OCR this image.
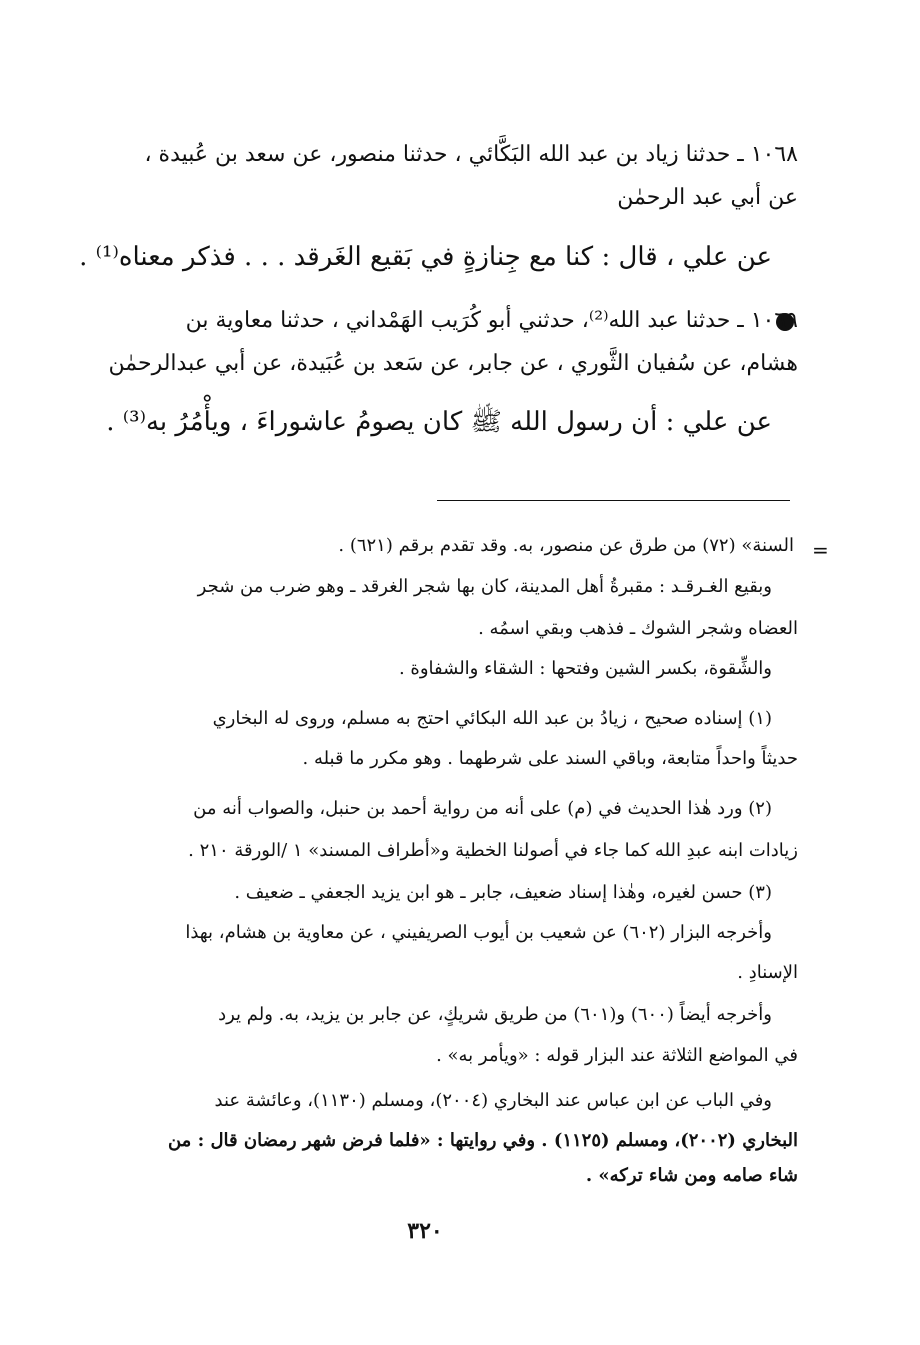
١٠٦٨ ـ حدثنا زياد بن عبد الله البَكَّائي ، حدثنا منصور، عن سعد بن عُبيدة ،
عن أبي عبد الرحمٰن
عن علي ، قال : كنا مع جِنازةٍ في بَقيع الغَرقد . . . فذكر معناه⁽¹⁾ .
١٠٦٩ ـ حدثنا عبد الله⁽²⁾، حدثني أبو كُرَيب الهَمْداني ، حدثنا معاوية بن
هشام، عن سُفيان الثَّوري ، عن جابر، عن سَعد بن عُبَيدة، عن أبي عبدالرحمٰن
عن علي : أن رسول الله ﷺ كان يصومُ عاشوراءَ ، ويأْمُرُ به⁽³⁾ .
=
السنة» (٧٢) من طرق عن منصور، به. وقد تقدم برقم (٦٢١) .
وبقيع الغـرقـد : مقبرةُ أهل المدينة، كان بها شجر الغرقد ـ وهو ضرب من شجر
العضاه وشجر الشوك ـ فذهب وبقي اسمُه .
والشِّقوة، بكسر الشين وفتحها : الشقاء والشفاوة .
(١) إسناده صحيح ، زيادُ بن عبد الله البكائي احتج به مسلم، وروى له البخاري
حديثاً واحداً متابعة، وباقي السند على شرطهما . وهو مكرر ما قبله .
(٢) ورد هٰذا الحديث في (م) على أنه من رواية أحمد بن حنبل، والصواب أنه من
زيادات ابنه عبدِ الله كما جاء في أصولنا الخطية و«أطراف المسند» ١ /الورقة ٢١٠ .
(٣) حسن لغيره، وهٰذا إسناد ضعيف، جابر ـ هو ابن يزيد الجعفي ـ ضعيف .
وأخرجه البزار (٦٠٢) عن شعيب بن أيوب الصريفيني ، عن معاوية بن هشام، بهذا
الإسنادِ .
وأخرجه أيضاً (٦٠٠) و(٦٠١) من طريق شريكٍ، عن جابر بن يزيد، به. ولم يرد
في المواضع الثلاثة عند البزار قوله : «ويأمر به» .
وفي الباب عن ابن عباس عند البخاري (٢٠٠٤)، ومسلم (١١٣٠)، وعائشة عند
البخاري (٢٠٠٢)، ومسلم (١١٢٥) . وفي روايتها : «فلما فرض شهر رمضان قال : من
شاء صامه ومن شاء تركه» .
٣٢٠
